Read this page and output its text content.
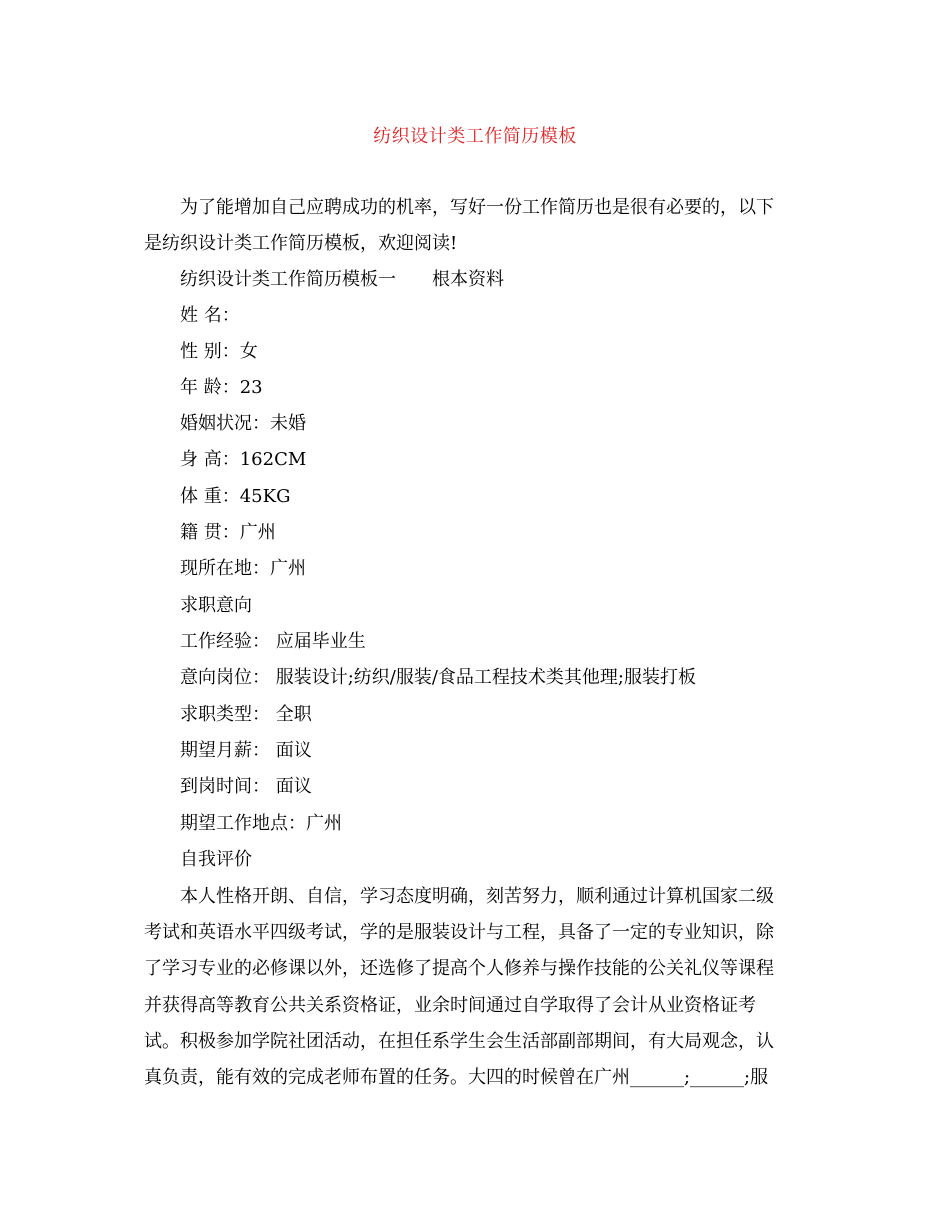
纺织设计类工作简历模板
为了能增加自己应聘成功的机率，写好一份工作简历也是很有必要的，以下
是纺织设计类工作简历模板，欢迎阅读!
纺织设计类工作简历模板一 根本资料
姓 名：
性 别：女
年 龄：23
婚姻状况：未婚
身 高：162CM
体 重：45KG
籍 贯：广州
现所在地：广州
求职意向
工作经验： 应届毕业生
意向岗位： 服装设计;纺织/服装/食品工程技术类其他理;服装打板
求职类型： 全职
期望月薪： 面议
到岗时间： 面议
期望工作地点：广州
自我评价
本人性格开朗、自信，学习态度明确，刻苦努力，顺利通过计算机国家二级
考试和英语水平四级考试，学的是服装设计与工程，具备了一定的专业知识，除
了学习专业的必修课以外，还选修了提高个人修养与操作技能的公关礼仪等课程
并获得高等教育公共关系资格证，业余时间通过自学取得了会计从业资格证考
试。积极参加学院社团活动，在担任系学生会生活部副部期间，有大局观念，认
真负责，能有效的完成老师布置的任务。大四的时候曾在广州______;______;服
